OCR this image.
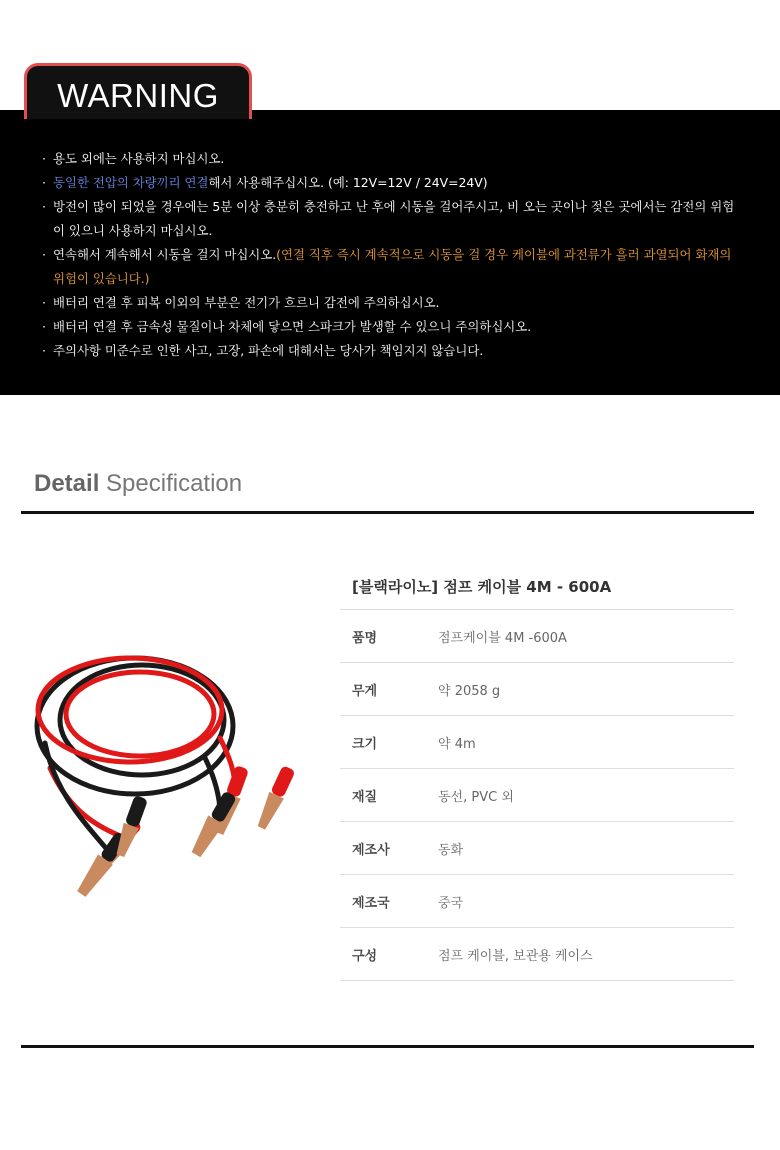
· 용도 외에는 사용하지 마십시오.
· 동일한 전압의 차량끼리 연결해서 사용해주십시오. (예: 12V=12V / 24V=24V)
· 방전이 많이 되었을 경우에는 5분 이상 충분히 충전하고 난 후에 시동을 걸어주시고, 비 오는 곳이나 젖은 곳에서는 감전의 위험이 있으니 사용하지 마십시오.
· 연속해서 계속해서 시동을 걸지 마십시오.(연결 직후 즉시 계속적으로 시동을 걸 경우 케이블에 과전류가 흘러 과열되어 화재의 위험이 있습니다.)
· 배터리 연결 후 피복 이외의 부분은 전기가 흐르니 감전에 주의하십시오.
· 배터리 연결 후 금속성 물질이나 차체에 닿으면 스파크가 발생할 수 있으니 주의하십시오.
· 주의사항 미준수로 인한 사고, 고장, 파손에 대해서는 당사가 책임지지 않습니다.
WARNING
Detail Specification
[블랙라이노] 점프 케이블 4M - 600A
품명	점프케이블 4M -600A
무게	약 2058 g
크기	약 4m
재질	동선, PVC 외
제조사	동화
제조국	중국
구성	점프 케이블, 보관용 케이스
